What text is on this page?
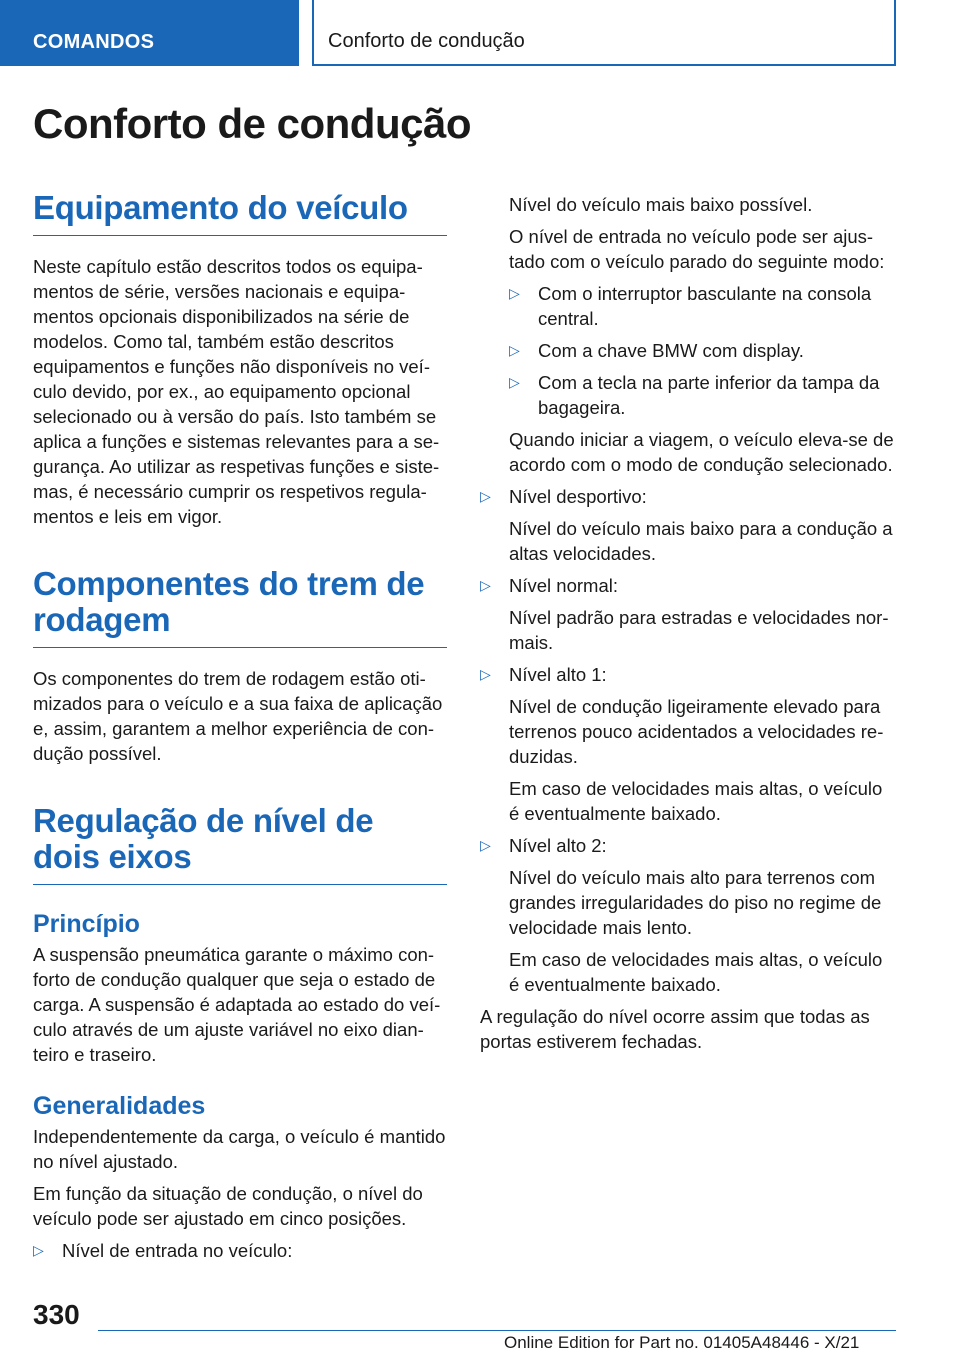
COMANDOS	Conforto de condução
Conforto de condução
Equipamento do veículo

Neste capítulo estão descritos todos os equipamentos de série, versões nacionais e equipamentos opcionais disponibilizados na série de modelos. Como tal, também estão descritos equipamentos e funções não disponíveis no veículo devido, por ex., ao equipamento opcional selecionado ou à versão do país. Isto também se aplica a funções e sistemas relevantes para a segurança. Ao utilizar as respetivas funções e sistemas, é necessário cumprir os respetivos regulamentos e leis em vigor.

Componentes do trem de rodagem

Os componentes do trem de rodagem estão otimizados para o veículo e a sua faixa de aplicação e, assim, garantem a melhor experiência de condução possível.

Regulação de nível de dois eixos
Princípio

A suspensão pneumática garante o máximo conforto de condução qualquer que seja o estado de carga. A suspensão é adaptada ao estado do veículo através de um ajuste variável no eixo dianteiro e traseiro.

Generalidades

Independentemente da carga, o veículo é mantido no nível ajustado.

Em função da situação de condução, o nível do veículo pode ser ajustado em cinco posições.

▷ Nível de entrada no veículo:

Nível do veículo mais baixo possível.

O nível de entrada no veículo pode ser ajustado com o veículo parado do seguinte modo:

▷ Com o interruptor basculante na consola central.
▷ Com a chave BMW com display.
▷ Com a tecla na parte inferior da tampa da bagageira.

Quando iniciar a viagem, o veículo eleva-se de acordo com o modo de condução selecionado.

▷ Nível desportivo:

Nível do veículo mais baixo para a condução a altas velocidades.

▷ Nível normal:

Nível padrão para estradas e velocidades normais.

▷ Nível alto 1:

Nível de condução ligeiramente elevado para terrenos pouco acidentados a velocidades reduzidas.

Em caso de velocidades mais altas, o veículo é eventualmente baixado.

▷ Nível alto 2:

Nível do veículo mais alto para terrenos com grandes irregularidades do piso no regime de velocidade mais lento.

Em caso de velocidades mais altas, o veículo é eventualmente baixado.

A regulação do nível ocorre assim que todas as portas estiverem fechadas.

330
Online Edition for Part no. 01405A48446 - X/21
